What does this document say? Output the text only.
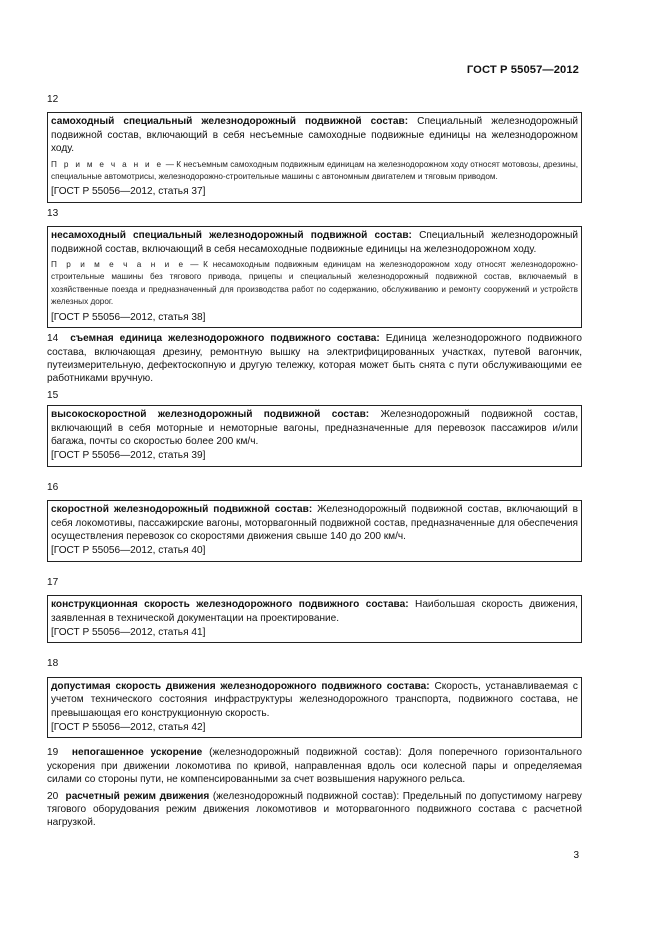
ГОСТ Р 55057—2012
12
самоходный специальный железнодорожный подвижной состав: Специальный железнодорожный подвижной состав, включающий в себя несъемные самоходные подвижные единицы на железнодорожном ходу.
П р и м е ч а н и е — К несъемным самоходным подвижным единицам на железнодорожном ходу относят мотовозы, дрезины, специальные автомотрисы, железнодорожно-строительные машины с автономным двигателем и тяговым приводом.
[ГОСТ Р 55056—2012, статья 37]
13
несамоходный специальный железнодорожный подвижной состав: Специальный железнодорожный подвижной состав, включающий в себя несамоходные подвижные единицы на железнодорожном ходу.
П р и м е ч а н и е — К несамоходным подвижным единицам на железнодорожном ходу относят железнодорожно-строительные машины без тягового привода, прицепы и специальный железнодорожный подвижной состав, включаемый в хозяйственные поезда и предназначенный для производства работ по содержанию, обслуживанию и ремонту сооружений и устройств железных дорог.
[ГОСТ Р 55056—2012, статья 38]
14 съемная единица железнодорожного подвижного состава: Единица железнодорожного подвижного состава, включающая дрезину, ремонтную вышку на электрифицированных участках, путевой вагончик, путеизмерительную, дефектоскопную и другую тележку, которая может быть снята с пути обслуживающими ее работниками вручную.
15
высокоскоростной железнодорожный подвижной состав: Железнодорожный подвижной состав, включающий в себя моторные и немоторные вагоны, предназначенные для перевозок пассажиров и/или багажа, почты со скоростью более 200 км/ч.
[ГОСТ Р 55056—2012, статья 39]
16
скоростной железнодорожный подвижной состав: Железнодорожный подвижной состав, включающий в себя локомотивы, пассажирские вагоны, моторвагонный подвижной состав, предназначенные для обеспечения осуществления перевозок со скоростями движения свыше 140 до 200 км/ч.
[ГОСТ Р 55056—2012, статья 40]
17
конструкционная скорость железнодорожного подвижного состава: Наибольшая скорость движения, заявленная в технической документации на проектирование.
[ГОСТ Р 55056—2012, статья 41]
18
допустимая скорость движения железнодорожного подвижного состава: Скорость, устанавливаемая с учетом технического состояния инфраструктуры железнодорожного транспорта, подвижного состава, не превышающая его конструкционную скорость.
[ГОСТ Р 55056—2012, статья 42]
19 непогашенное ускорение (железнодорожный подвижной состав): Доля поперечного горизонтального ускорения при движении локомотива по кривой, направленная вдоль оси колесной пары и определяемая силами со стороны пути, не компенсированными за счет возвышения наружного рельса.
20 расчетный режим движения (железнодорожный подвижной состав): Предельный по допустимому нагреву тягового оборудования режим движения локомотивов и моторвагонного подвижного состава с расчетной нагрузкой.
3
